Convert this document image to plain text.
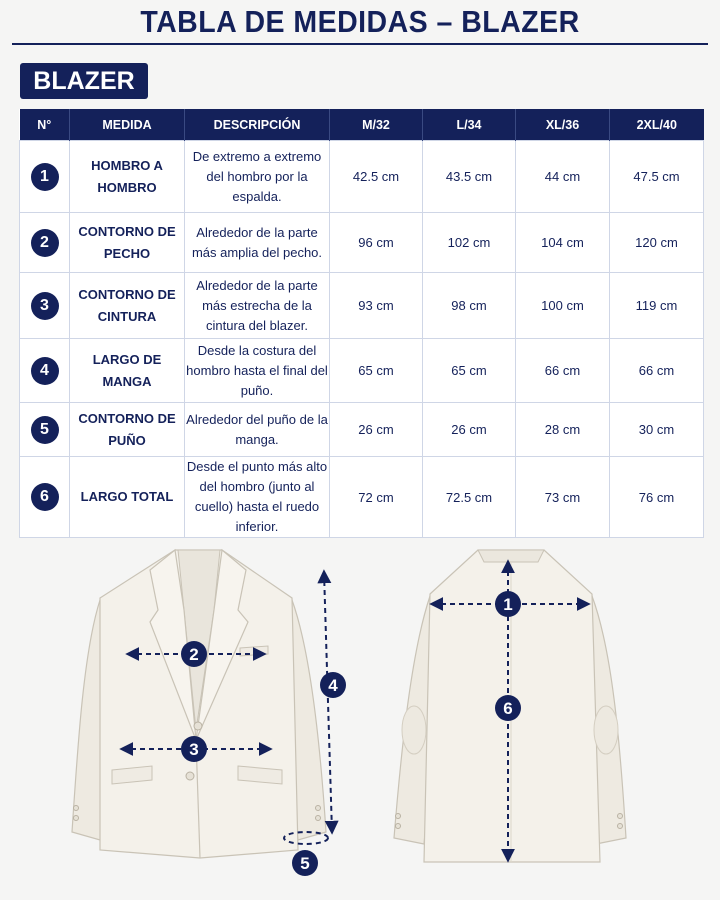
TABLA DE MEDIDAS – BLAZER
BLAZER
N°	MEDIDA	DESCRIPCIÓN	M/32	L/34	XL/36	2XL/40
1	HOMBRO A HOMBRO	De extremo a extremo del hombro por la espalda.	42.5 cm	43.5 cm	44 cm	47.5 cm
2	CONTORNO DE PECHO	Alrededor de la parte más amplia del pecho.	96 cm	102 cm	104 cm	120 cm
3	CONTORNO DE CINTURA	Alrededor de la parte más estrecha de la cintura del blazer.	93 cm	98 cm	100 cm	119 cm
4	LARGO DE MANGA	Desde la costura del hombro hasta el final del puño.	65 cm	65 cm	66 cm	66 cm
5	CONTORNO DE PUÑO	Alrededor del puño de la manga.	26 cm	26 cm	28 cm	30 cm
6	LARGO TOTAL	Desde el punto más alto del hombro (junto al cuello) hasta el ruedo inferior.	72 cm	72.5 cm	73 cm	76 cm
2
3
4
5
1
6
